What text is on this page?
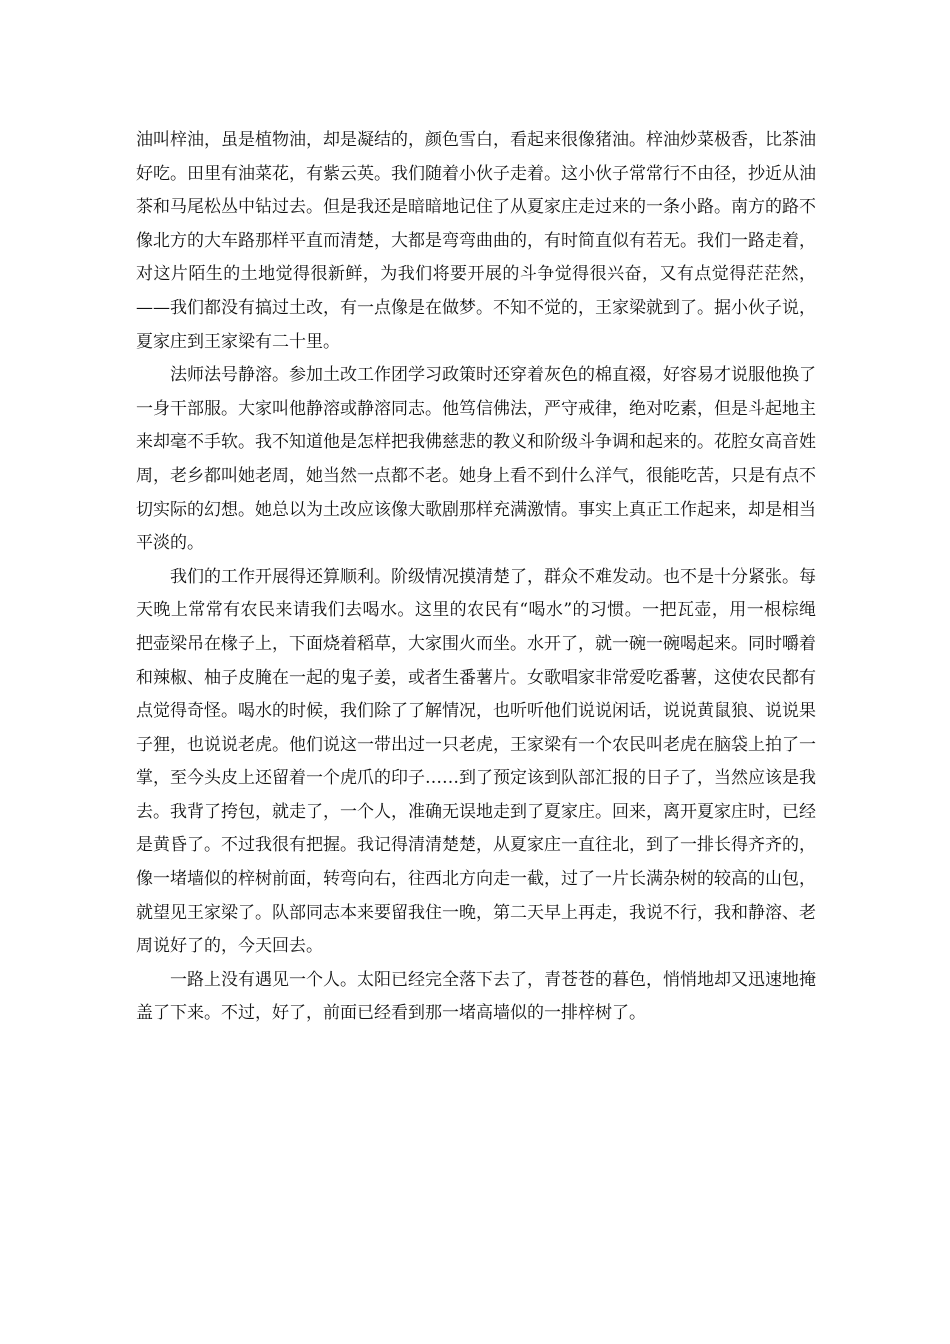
油叫梓油，虽是植物油，却是凝结的，颜色雪白，看起来很像猪油。梓油炒菜极香，比茶油好吃。田里有油菜花，有紫云英。我们随着小伙子走着。这小伙子常常行不由径，抄近从油茶和马尾松丛中钻过去。但是我还是暗暗地记住了从夏家庄走过来的一条小路。南方的路不像北方的大车路那样平直而清楚，大都是弯弯曲曲的，有时简直似有若无。我们一路走着，对这片陌生的土地觉得很新鲜，为我们将要开展的斗争觉得很兴奋，又有点觉得茫茫然，——我们都没有搞过土改，有一点像是在做梦。不知不觉的，王家梁就到了。据小伙子说，夏家庄到王家梁有二十里。

法师法号静溶。参加土改工作团学习政策时还穿着灰色的棉直裰，好容易才说服他换了一身干部服。大家叫他静溶或静溶同志。他笃信佛法，严守戒律，绝对吃素，但是斗起地主来却毫不手软。我不知道他是怎样把我佛慈悲的教义和阶级斗争调和起来的。花腔女高音姓周，老乡都叫她老周，她当然一点都不老。她身上看不到什么洋气，很能吃苦，只是有点不切实际的幻想。她总以为土改应该像大歌剧那样充满激情。事实上真正工作起来，却是相当平淡的。

我们的工作开展得还算顺利。阶级情况摸清楚了，群众不难发动。也不是十分紧张。每天晚上常常有农民来请我们去喝水。这里的农民有“喝水”的习惯。一把瓦壶，用一根棕绳把壶梁吊在椽子上，下面烧着稻草，大家围火而坐。水开了，就一碗一碗喝起来。同时嚼着和辣椒、柚子皮腌在一起的鬼子姜，或者生番薯片。女歌唱家非常爱吃番薯，这使农民都有点觉得奇怪。喝水的时候，我们除了了解情况，也听听他们说说闲话，说说黄鼠狼、说说果子狸，也说说老虎。他们说这一带出过一只老虎，王家梁有一个农民叫老虎在脑袋上拍了一掌，至今头皮上还留着一个虎爪的印子……到了预定该到队部汇报的日子了，当然应该是我去。我背了挎包，就走了，一个人，准确无误地走到了夏家庄。回来，离开夏家庄时，已经是黄昏了。不过我很有把握。我记得清清楚楚，从夏家庄一直往北，到了一排长得齐齐的，像一堵墙似的梓树前面，转弯向右，往西北方向走一截，过了一片长满杂树的较高的山包，就望见王家梁了。队部同志本来要留我住一晚，第二天早上再走，我说不行，我和静溶、老周说好了的，今天回去。

一路上没有遇见一个人。太阳已经完全落下去了，青苍苍的暮色，悄悄地却又迅速地掩盖了下来。不过，好了，前面已经看到那一堵高墙似的一排梓树了。
